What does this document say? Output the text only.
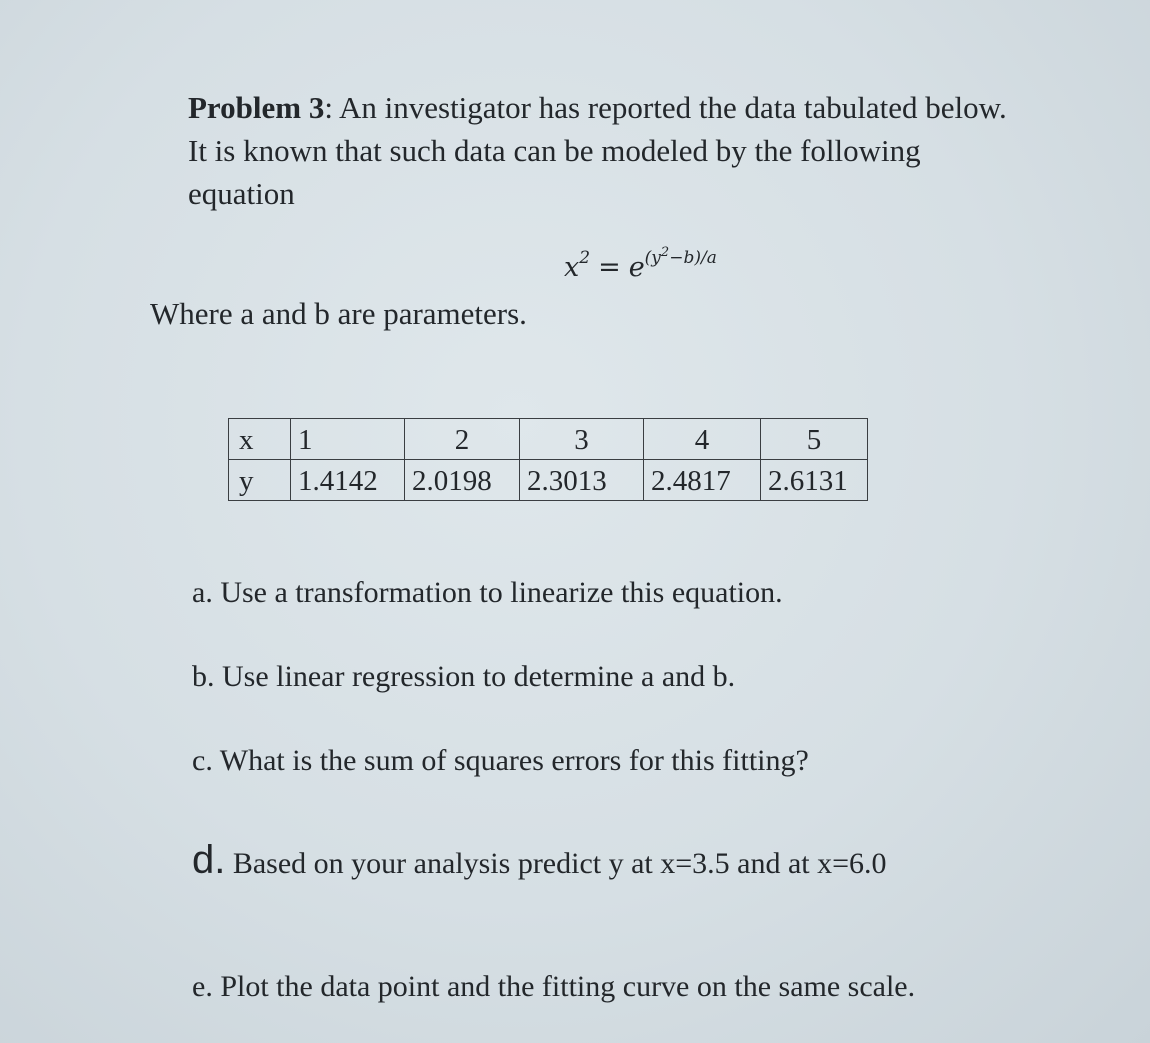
Problem 3: An investigator has reported the data tabulated below. It is known that such data can be modeled by the following equation
$x^2 = e^{(y^2-b)/a}$
Where a and b are parameters.
x	1	2	3	4	5
y	1.4142	2.0198	2.3013	2.4817	2.6131
a. Use a transformation to linearize this equation.
b. Use linear regression to determine a and b.
c. What is the sum of squares errors for this fitting?
d. Based on your analysis predict y at x=3.5 and at x=6.0
e. Plot the data point and the fitting curve on the same scale.
